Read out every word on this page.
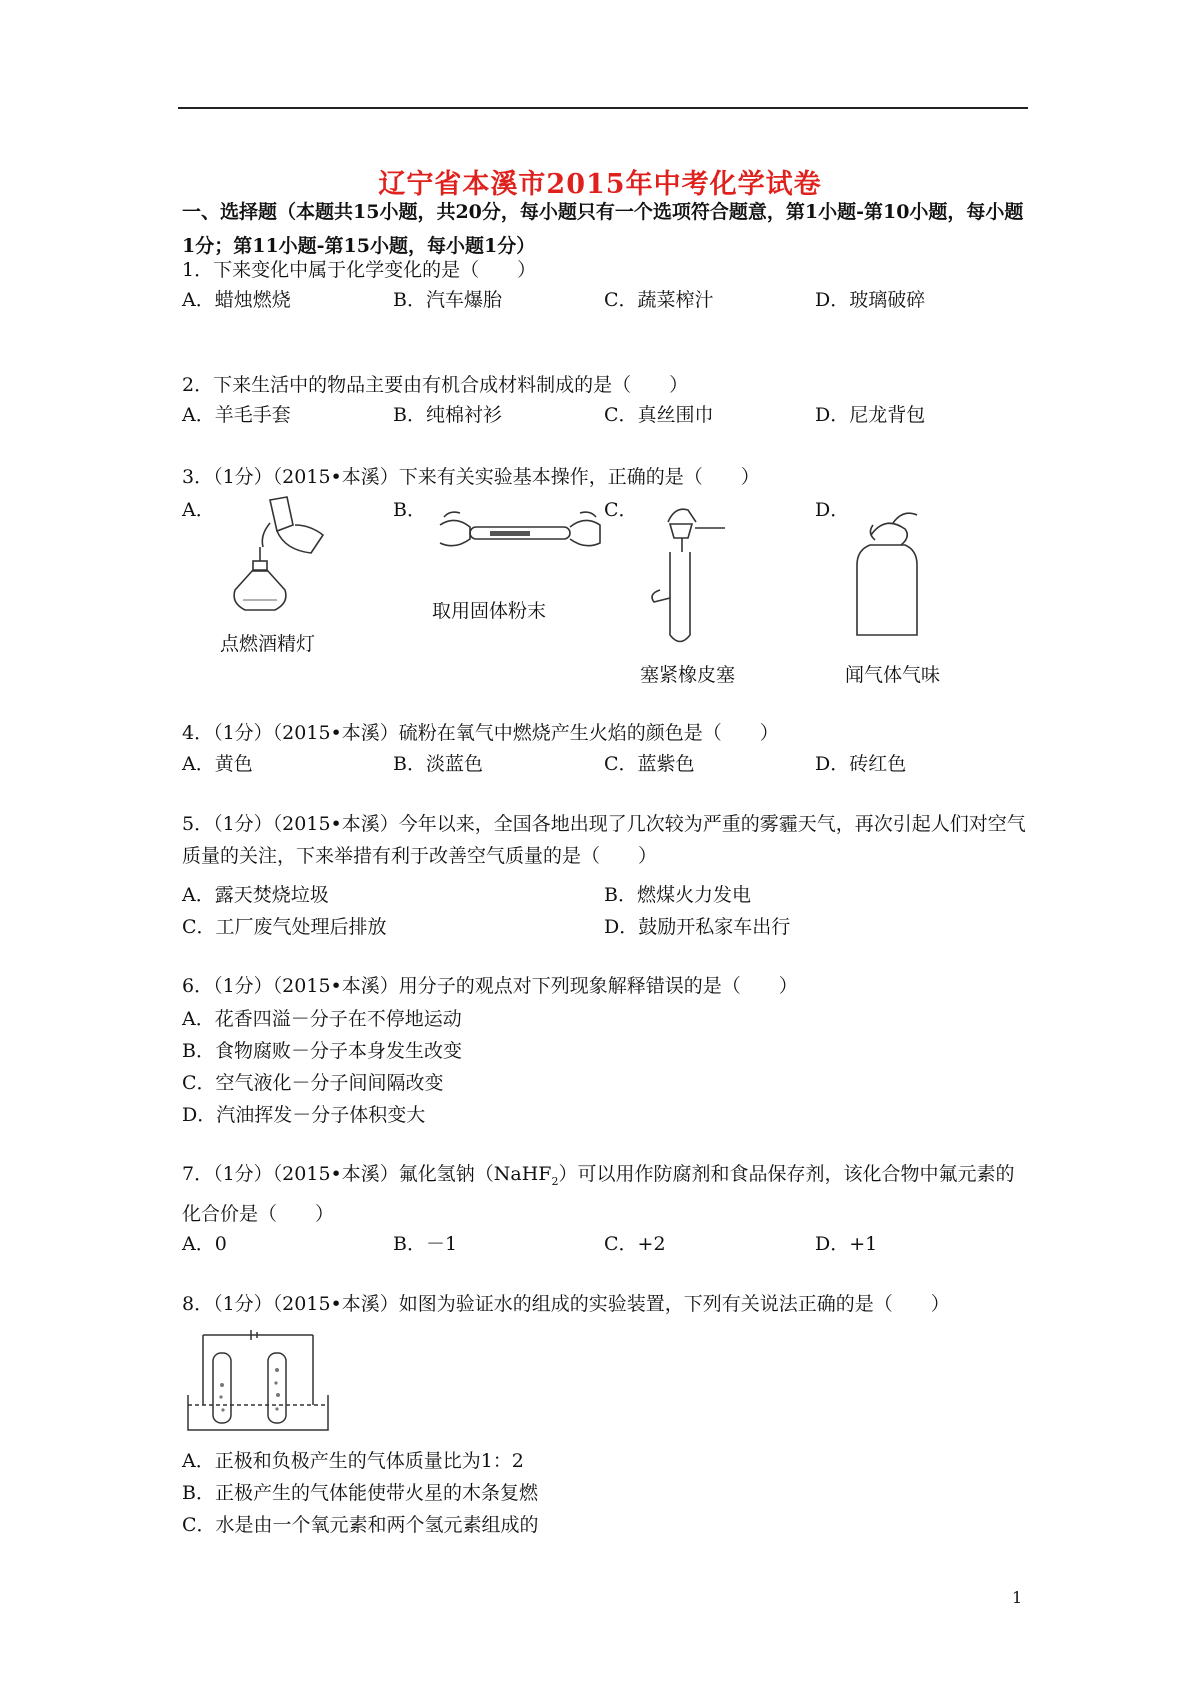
辽宁省本溪市2015年中考化学试卷
一、选择题（本题共15小题，共20分，每小题只有一个选项符合题意，第1小题-第10小题，每小题1分；第11小题-第15小题，每小题1分）
1．下来变化中属于化学变化的是（　　）
A．蜡烛燃烧	B．汽车爆胎	C．蔬菜榨汁	D．玻璃破碎
2．下来生活中的物品主要由有机合成材料制成的是（　　）
A．羊毛手套	B．纯棉衬衫	C．真丝围巾	D．尼龙背包
3．（1分）（2015•本溪）下来有关实验基本操作，正确的是（　　）
A．	B．	C．	D．
点燃酒精灯
取用固体粉末
塞紧橡皮塞	闻气体气味
4．（1分）（2015•本溪）硫粉在氧气中燃烧产生火焰的颜色是（　　）
A．黄色	B．淡蓝色	C．蓝紫色	D．砖红色
5．（1分）（2015•本溪）今年以来，全国各地出现了几次较为严重的雾霾天气，再次引起人们对空气质量的关注，下来举措有利于改善空气质量的是（　　）
A．露天焚烧垃圾	B．燃煤火力发电
C．工厂废气处理后排放	D．鼓励开私家车出行
6．（1分）（2015•本溪）用分子的观点对下列现象解释错误的是（　　）
A．花香四溢－分子在不停地运动
B．食物腐败－分子本身发生改变
C．空气液化－分子间间隔改变
D．汽油挥发－分子体积变大
7．（1分）（2015•本溪）氟化氢钠（NaHF$_2$）可以用作防腐剂和食品保存剂，该化合物中氟元素的化合价是（　　）
A．0	B．－1	C．+2	D．+1
8．（1分）（2015•本溪）如图为验证水的组成的实验装置，下列有关说法正确的是（　　）
A．正极和负极产生的气体质量比为1：2
B．正极产生的气体能使带火星的木条复燃
C．水是由一个氧元素和两个氢元素组成的
1
